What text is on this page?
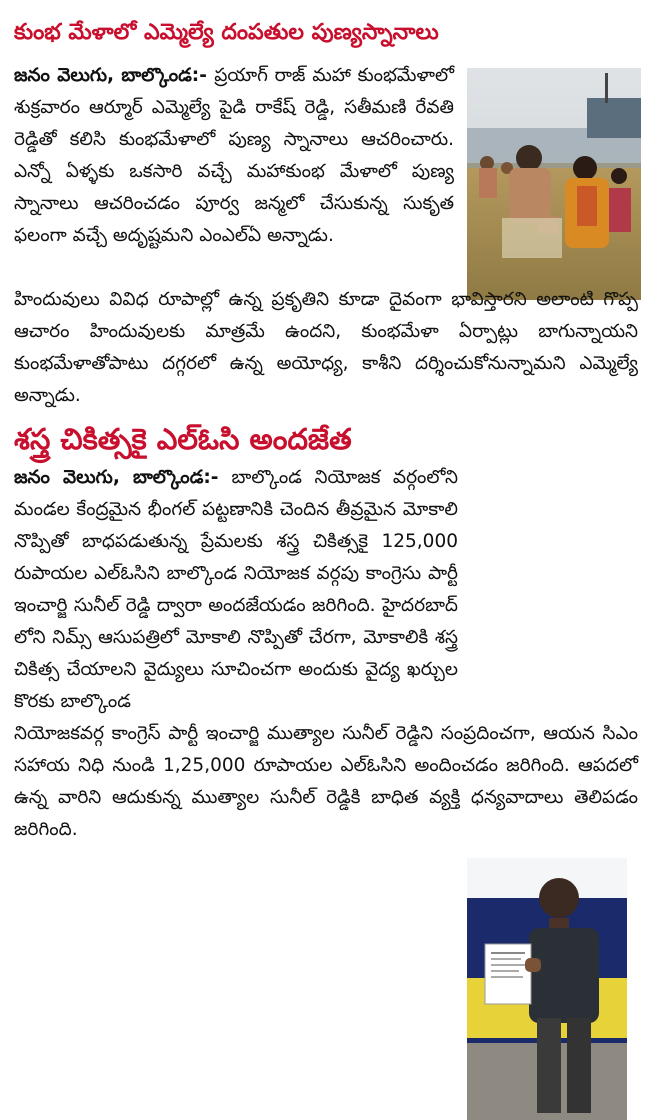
కుంభ మేళాలో ఎమ్మెల్యే దంపతుల పుణ్యస్నానాలు
జనం వెలుగు, బాల్కొండ:- ప్రయాగ్ రాజ్ మహా కుంభమేళాలో శుక్రవారం ఆర్మూర్ ఎమ్మెల్యే పైడి రాకేష్ రెడ్డి, సతీమణి రేవతి రెడ్డితో కలిసి కుంభమేళాలో పుణ్య స్నానాలు ఆచరించారు. ఎన్నో ఏళ్ళకు ఒకసారి వచ్చే మహాకుంభ మేళాలో పుణ్య స్నానాలు ఆచరించడం పూర్వ జన్మలో చేసుకున్న సుకృత ఫలంగా వచ్చే అదృష్టమని ఎంఎల్ఏ అన్నాడు.
హిందువులు వివిధ రూపాల్లో ఉన్న ప్రకృతిని కూడా దైవంగా భావిస్తారని అలాంటి గొప్ప ఆచారం హిందువులకు మాత్రమే ఉందని, కుంభమేళా ఏర్పాట్లు బాగున్నాయని కుంభమేళాతోపాటు దగ్గరలో ఉన్న అయోధ్య, కాశీని దర్శించుకోనున్నామని ఎమ్మెల్యే అన్నాడు.
శస్త్ర చికిత్సకై ఎల్ఓసి అందజేత
జనం వెలుగు, బాల్కొండ:- బాల్కొండ నియోజక వర్గంలోని మండల కేంద్రమైన భీంగల్ పట్టణానికి చెందిన తీవ్రమైన మోకాలి నొప్పితో బాధపడుతున్న ప్రేమలకు శస్త్ర చికిత్సకై 125,000 రుపాయల ఎల్ఓసిని బాల్కొండ నియోజక వర్గపు కాంగ్రెసు పార్టీ ఇంచార్జి సునీల్ రెడ్డి ద్వారా అందజేయడం జరిగింది. హైదరబాద్ లోని నిమ్స్ ఆసుపత్రిలో మోకాలి నొప్పితో చేరగా, మోకాలికి శస్త్ర చికిత్స చేయాలని వైద్యులు సూచించగా అందుకు వైద్య ఖర్చుల కొరకు బాల్కొండ
నియోజకవర్గ కాంగ్రెస్ పార్టీ ఇంచార్జి ముత్యాల సునీల్ రెడ్డిని సంప్రదించగా, ఆయన సిఎం సహాయ నిధి నుండి 1,25,000 రూపాయల ఎల్ఓసిని అందించడం జరిగింది. ఆపదలో ఉన్న వారిని ఆదుకున్న ముత్యాల సునీల్ రెడ్డికి బాధిత వ్యక్తి ధన్యవాదాలు తెలిపడం జరిగింది.
